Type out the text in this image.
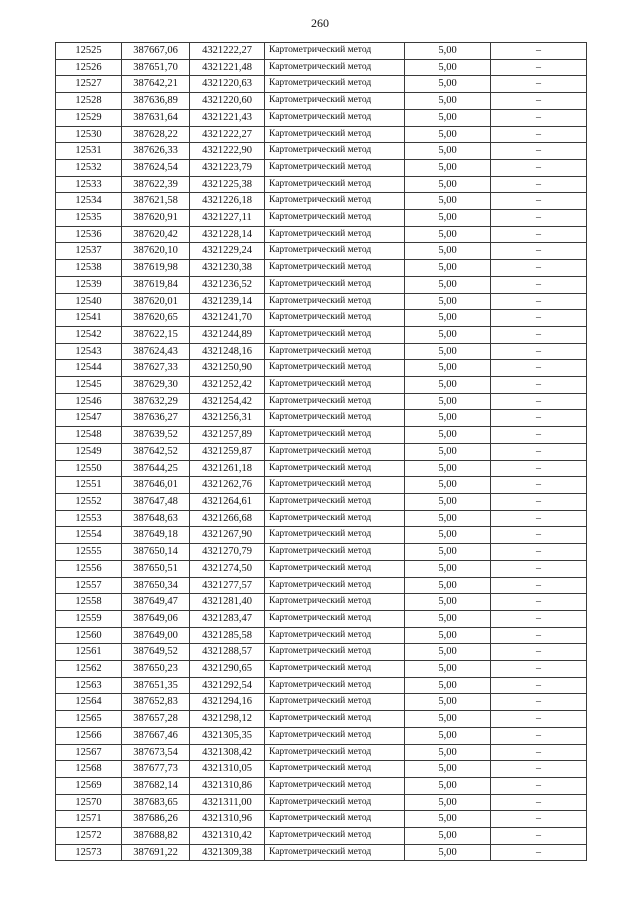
260
12525	387667,06	4321222,27	Картометрический метод	5,00	–
12526	387651,70	4321221,48	Картометрический метод	5,00	–
12527	387642,21	4321220,63	Картометрический метод	5,00	–
12528	387636,89	4321220,60	Картометрический метод	5,00	–
12529	387631,64	4321221,43	Картометрический метод	5,00	–
12530	387628,22	4321222,27	Картометрический метод	5,00	–
12531	387626,33	4321222,90	Картометрический метод	5,00	–
12532	387624,54	4321223,79	Картометрический метод	5,00	–
12533	387622,39	4321225,38	Картометрический метод	5,00	–
12534	387621,58	4321226,18	Картометрический метод	5,00	–
12535	387620,91	4321227,11	Картометрический метод	5,00	–
12536	387620,42	4321228,14	Картометрический метод	5,00	–
12537	387620,10	4321229,24	Картометрический метод	5,00	–
12538	387619,98	4321230,38	Картометрический метод	5,00	–
12539	387619,84	4321236,52	Картометрический метод	5,00	–
12540	387620,01	4321239,14	Картометрический метод	5,00	–
12541	387620,65	4321241,70	Картометрический метод	5,00	–
12542	387622,15	4321244,89	Картометрический метод	5,00	–
12543	387624,43	4321248,16	Картометрический метод	5,00	–
12544	387627,33	4321250,90	Картометрический метод	5,00	–
12545	387629,30	4321252,42	Картометрический метод	5,00	–
12546	387632,29	4321254,42	Картометрический метод	5,00	–
12547	387636,27	4321256,31	Картометрический метод	5,00	–
12548	387639,52	4321257,89	Картометрический метод	5,00	–
12549	387642,52	4321259,87	Картометрический метод	5,00	–
12550	387644,25	4321261,18	Картометрический метод	5,00	–
12551	387646,01	4321262,76	Картометрический метод	5,00	–
12552	387647,48	4321264,61	Картометрический метод	5,00	–
12553	387648,63	4321266,68	Картометрический метод	5,00	–
12554	387649,18	4321267,90	Картометрический метод	5,00	–
12555	387650,14	4321270,79	Картометрический метод	5,00	–
12556	387650,51	4321274,50	Картометрический метод	5,00	–
12557	387650,34	4321277,57	Картометрический метод	5,00	–
12558	387649,47	4321281,40	Картометрический метод	5,00	–
12559	387649,06	4321283,47	Картометрический метод	5,00	–
12560	387649,00	4321285,58	Картометрический метод	5,00	–
12561	387649,52	4321288,57	Картометрический метод	5,00	–
12562	387650,23	4321290,65	Картометрический метод	5,00	–
12563	387651,35	4321292,54	Картометрический метод	5,00	–
12564	387652,83	4321294,16	Картометрический метод	5,00	–
12565	387657,28	4321298,12	Картометрический метод	5,00	–
12566	387667,46	4321305,35	Картометрический метод	5,00	–
12567	387673,54	4321308,42	Картометрический метод	5,00	–
12568	387677,73	4321310,05	Картометрический метод	5,00	–
12569	387682,14	4321310,86	Картометрический метод	5,00	–
12570	387683,65	4321311,00	Картометрический метод	5,00	–
12571	387686,26	4321310,96	Картометрический метод	5,00	–
12572	387688,82	4321310,42	Картометрический метод	5,00	–
12573	387691,22	4321309,38	Картометрический метод	5,00	–
